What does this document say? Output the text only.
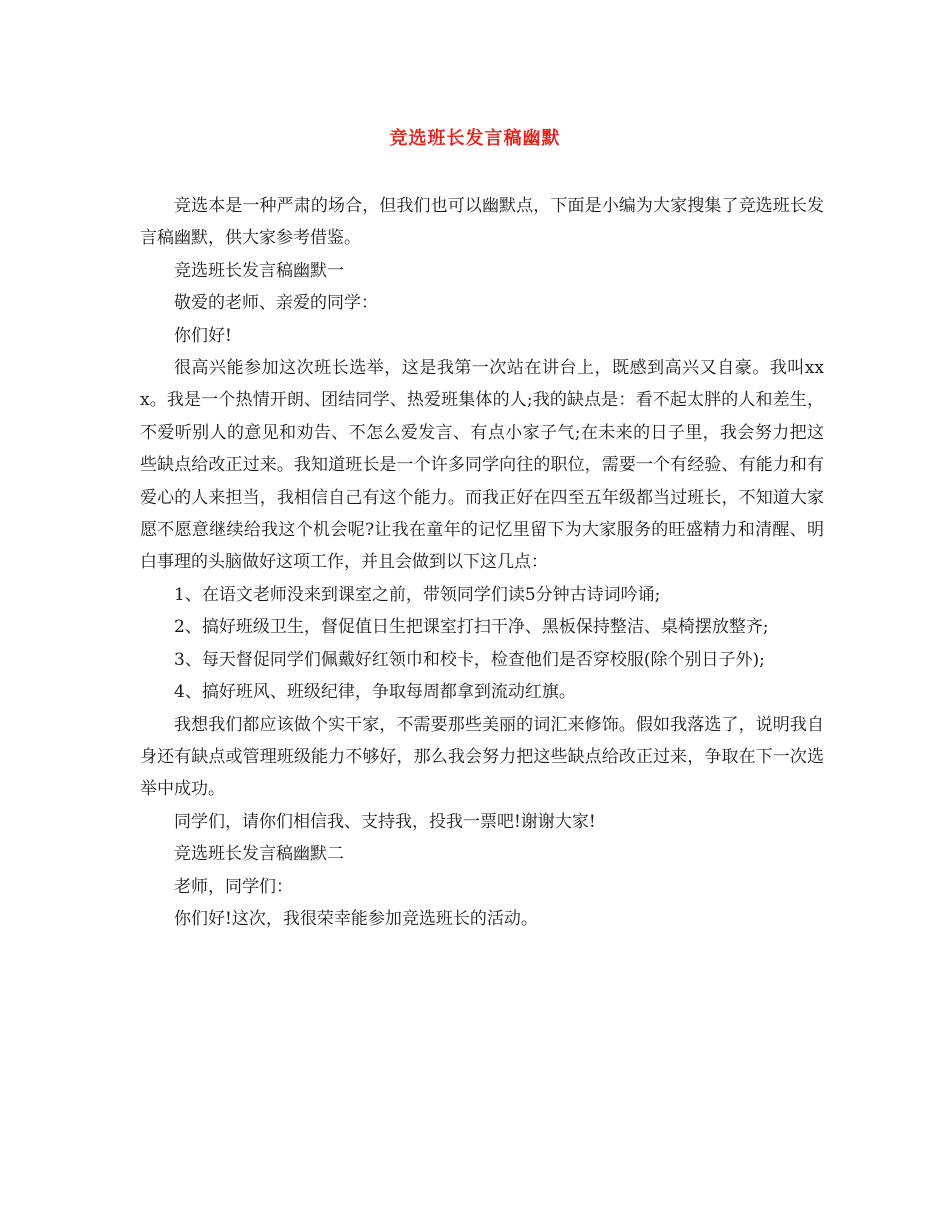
竞选班长发言稿幽默

竞选本是一种严肃的场合，但我们也可以幽默点，下面是小编为大家搜集了竞选班长发言稿幽默，供大家参考借鉴。

竞选班长发言稿幽默一

敬爱的老师、亲爱的同学：

你们好!

很高兴能参加这次班长选举，这是我第一次站在讲台上，既感到高兴又自豪。我叫xxx。我是一个热情开朗、团结同学、热爱班集体的人;我的缺点是：看不起太胖的人和差生，不爱听别人的意见和劝告、不怎么爱发言、有点小家子气;在未来的日子里，我会努力把这些缺点给改正过来。我知道班长是一个许多同学向往的职位，需要一个有经验、有能力和有爱心的人来担当，我相信自己有这个能力。而我正好在四至五年级都当过班长，不知道大家愿不愿意继续给我这个机会呢?让我在童年的记忆里留下为大家服务的旺盛精力和清醒、明白事理的头脑做好这项工作，并且会做到以下这几点：

1、在语文老师没来到课室之前，带领同学们读5分钟古诗词吟诵;

2、搞好班级卫生，督促值日生把课室打扫干净、黑板保持整洁、桌椅摆放整齐;

3、每天督促同学们佩戴好红领巾和校卡，检查他们是否穿校服(除个别日子外);

4、搞好班风、班级纪律，争取每周都拿到流动红旗。

我想我们都应该做个实干家，不需要那些美丽的词汇来修饰。假如我落选了，说明我自身还有缺点或管理班级能力不够好，那么我会努力把这些缺点给改正过来，争取在下一次选举中成功。

同学们，请你们相信我、支持我，投我一票吧!谢谢大家!

竞选班长发言稿幽默二

老师，同学们：

你们好!这次，我很荣幸能参加竞选班长的活动。
